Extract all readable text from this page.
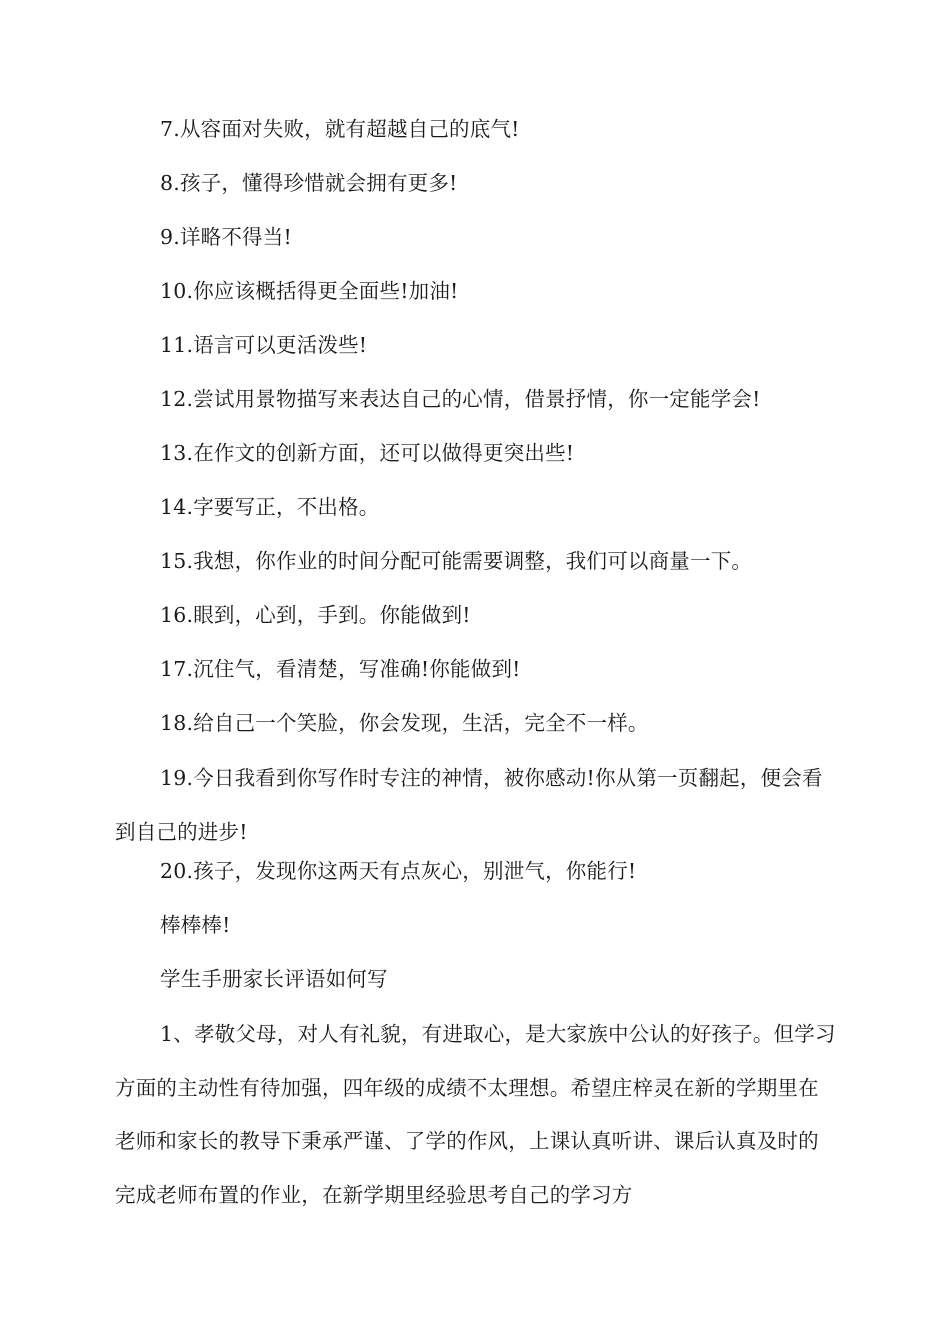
7.从容面对失败，就有超越自己的底气!
8.孩子，懂得珍惜就会拥有更多!
9.详略不得当!
10.你应该概括得更全面些!加油!
11.语言可以更活泼些!
12.尝试用景物描写来表达自己的心情，借景抒情，你一定能学会!
13.在作文的创新方面，还可以做得更突出些!
14.字要写正，不出格。
15.我想，你作业的时间分配可能需要调整，我们可以商量一下。
16.眼到，心到，手到。你能做到!
17.沉住气，看清楚，写准确!你能做到!
18.给自己一个笑脸，你会发现，生活，完全不一样。
19.今日我看到你写作时专注的神情，被你感动!你从第一页翻起，便会看到自己的进步!
20.孩子，发现你这两天有点灰心，别泄气，你能行!
棒棒棒!
学生手册家长评语如何写
1、孝敬父母，对人有礼貌，有进取心，是大家族中公认的好孩子。但学习方面的主动性有待加强，四年级的成绩不太理想。希望庄梓灵在新的学期里在老师和家长的教导下秉承严谨、了学的作风，上课认真听讲、课后认真及时的完成老师布置的作业，在新学期里经验思考自己的学习方
